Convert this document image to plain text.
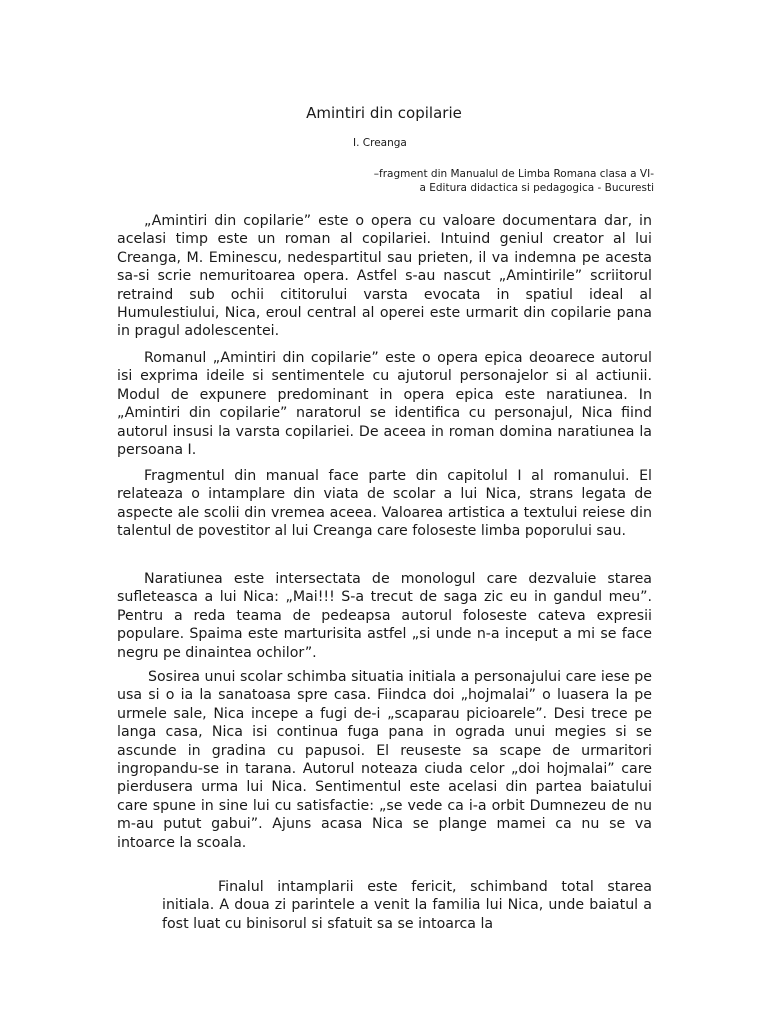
Amintiri din copilarie

I. Creanga

–fragment din Manualul de Limba Romana clasa a VI-
a Editura didactica si pedagogica - Bucuresti

„Amintiri din copilarie” este o opera cu valoare documentara dar, in acelasi timp este un roman al copilariei. Intuind geniul creator al lui Creanga, M. Eminescu, nedespartitul sau prieten, il va indemna pe acesta sa-si scrie nemuritoarea opera. Astfel s-au nascut „Amintirile” scriitorul retraind sub ochii cititorului varsta evocata in spatiul ideal al Humulestiului, Nica, eroul central al operei este urmarit din copilarie pana in pragul adolescentei.

Romanul „Amintiri din copilarie” este o opera epica deoarece autorul isi exprima ideile si sentimentele cu ajutorul personajelor si al actiunii. Modul de expunere predominant in opera epica este naratiunea. In „Amintiri din copilarie” naratorul se identifica cu personajul, Nica fiind autorul insusi la varsta copilariei. De aceea in roman domina naratiunea la persoana I.

Fragmentul din manual face parte din capitolul I al romanului. El relateaza o intamplare din viata de scolar a lui Nica, strans legata de aspecte ale scolii din vremea aceea. Valoarea artistica a textului reiese din talentul de povestitor al lui Creanga care foloseste limba poporului sau.

Naratiunea este intersectata de monologul care dezvaluie starea sufleteasca a lui Nica: „Mai!!! S-a trecut de saga zic eu in gandul meu”. Pentru a reda teama de pedeapsa autorul foloseste cateva expresii populare. Spaima este marturisita astfel „si unde n-a inceput a mi se face negru pe dinaintea ochilor”.

Sosirea unui scolar schimba situatia initiala a personajului care iese pe usa si o ia la sanatoasa spre casa. Fiindca doi „hojmalai” o luasera la pe urmele sale, Nica incepe a fugi de-i „scaparau picioarele”. Desi trece pe langa casa, Nica isi continua fuga pana in ograda unui megies si se ascunde in gradina cu papusoi. El reuseste sa scape de urmaritori ingropandu-se in tarana. Autorul noteaza ciuda celor „doi hojmalai” care pierdusera urma lui Nica. Sentimentul este acelasi din partea baiatului care spune in sine lui cu satisfactie: „se vede ca i-a orbit Dumnezeu de nu m-au putut gabui”. Ajuns acasa Nica se plange mamei ca nu se va intoarce la scoala.

Finalul intamplarii este fericit, schimband total starea initiala. A doua zi parintele a venit la familia lui Nica, unde baiatul a fost luat cu binisorul si sfatuit sa se intoarca la
